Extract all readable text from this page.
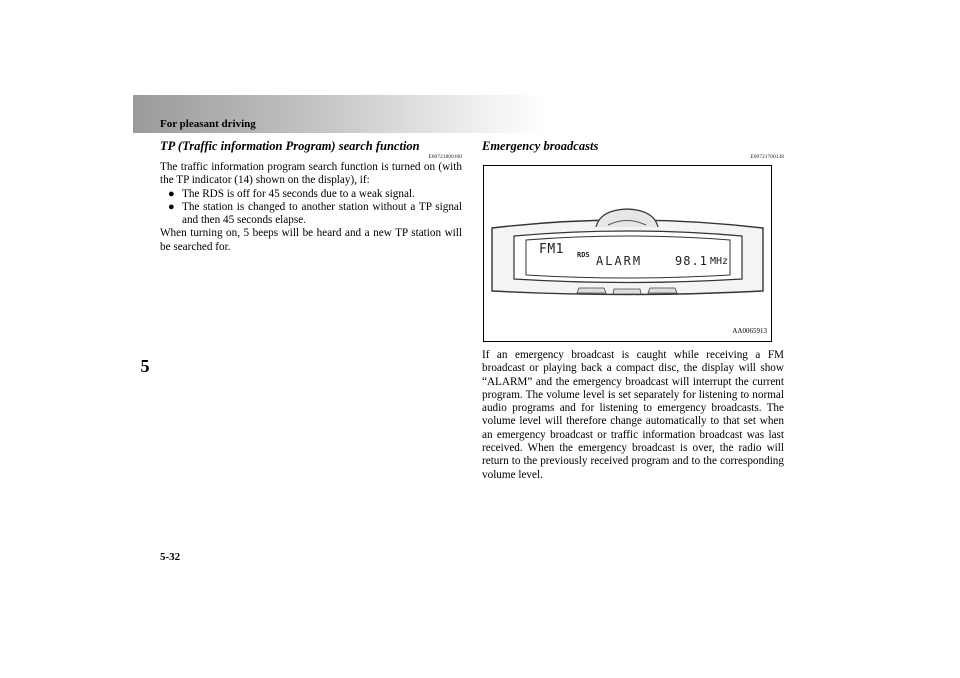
For pleasant driving
5
TP (Traffic information Program) search function
E00721800100

The traffic information program search function is turned on (with the TP indicator (14) shown on the display), if:

● The RDS is off for 45 seconds due to a weak signal.
● The station is changed to another station without a TP signal and then 45 seconds elapse.

When turning on, 5 beeps will be heard and a new TP station will be searched for.

Emergency broadcasts
E00721700138
FM1 RDS ALARM	98.1 MHz
AA0065913

If an emergency broadcast is caught while receiving a FM broadcast or playing back a compact disc, the display will show “ALARM” and the emergency broadcast will interrupt the current program. The volume level is set separately for listening to normal audio programs and for listening to emergency broadcasts. The volume level will therefore change automatically to that set when an emergency broadcast or traffic information broadcast was last received. When the emergency broadcast is over, the radio will return to the previously received program and to the corresponding volume level.

5-32
